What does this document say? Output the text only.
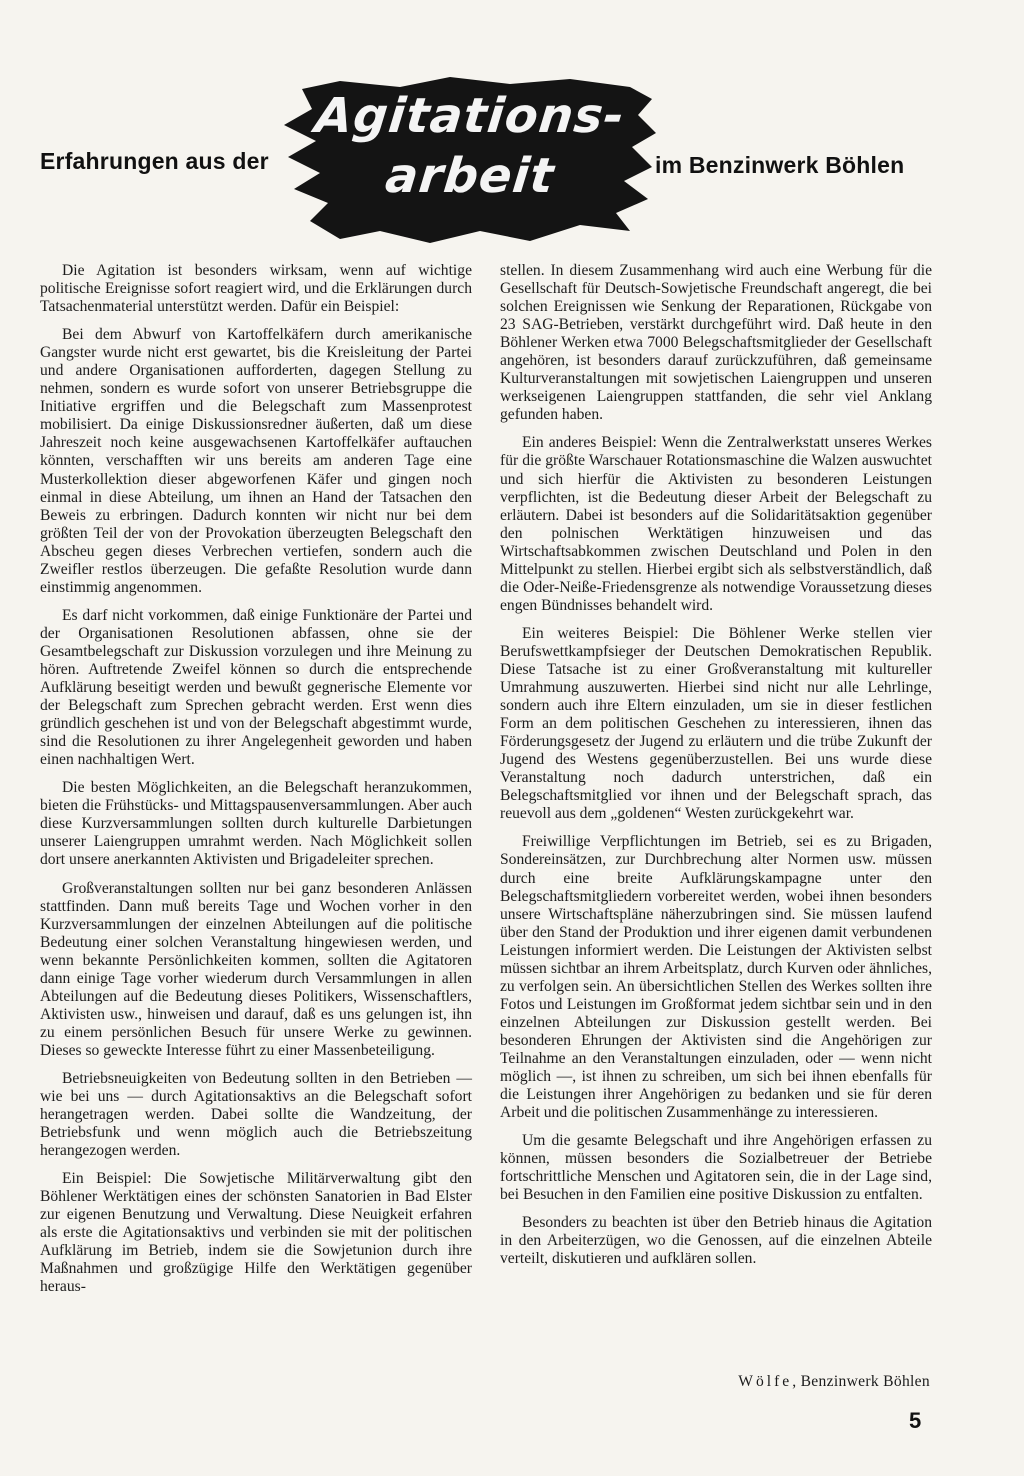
Erfahrungen aus der
Agitations-
arbeit	im Benzinwerk Böhlen

Die Agitation ist besonders wirksam, wenn auf wichtige politische Ereignisse sofort reagiert wird, und die Erklärungen durch Tatsachenmaterial unterstützt werden. Dafür ein Beispiel:

Bei dem Abwurf von Kartoffelkäfern durch amerikanische Gangster wurde nicht erst gewartet, bis die Kreisleitung der Partei und andere Organisationen aufforderten, dagegen Stellung zu nehmen, sondern es wurde sofort von unserer Betriebsgruppe die Initiative ergriffen und die Belegschaft zum Massenprotest mobilisiert. Da einige Diskussionsredner äußerten, daß um diese Jahreszeit noch keine ausgewachsenen Kartoffelkäfer auftauchen könnten, verschafften wir uns bereits am anderen Tage eine Musterkollektion dieser abgeworfenen Käfer und gingen noch einmal in diese Abteilung, um ihnen an Hand der Tatsachen den Beweis zu erbringen. Dadurch konnten wir nicht nur bei dem größten Teil der von der Provokation überzeugten Belegschaft den Abscheu gegen dieses Verbrechen vertiefen, sondern auch die Zweifler restlos überzeugen. Die gefaßte Resolution wurde dann einstimmig angenommen.

Es darf nicht vorkommen, daß einige Funktionäre der Partei und der Organisationen Resolutionen abfassen, ohne sie der Gesamtbelegschaft zur Diskussion vorzulegen und ihre Meinung zu hören. Auftretende Zweifel können so durch die entsprechende Aufklärung beseitigt werden und bewußt gegnerische Elemente vor der Belegschaft zum Sprechen gebracht werden. Erst wenn dies gründlich geschehen ist und von der Belegschaft abgestimmt wurde, sind die Resolutionen zu ihrer Angelegenheit geworden und haben einen nachhaltigen Wert.

Die besten Möglichkeiten, an die Belegschaft heranzukommen, bieten die Frühstücks- und Mittagspausenversammlungen. Aber auch diese Kurzversammlungen sollten durch kulturelle Darbietungen unserer Laiengruppen umrahmt werden. Nach Möglichkeit sollen dort unsere anerkannten Aktivisten und Brigadeleiter sprechen.

Großveranstaltungen sollten nur bei ganz besonderen Anlässen stattfinden. Dann muß bereits Tage und Wochen vorher in den Kurzversammlungen der einzelnen Abteilungen auf die politische Bedeutung einer solchen Veranstaltung hingewiesen werden, und wenn bekannte Persönlichkeiten kommen, sollten die Agitatoren dann einige Tage vorher wiederum durch Versammlungen in allen Abteilungen auf die Bedeutung dieses Politikers, Wissenschaftlers, Aktivisten usw., hinweisen und darauf, daß es uns gelungen ist, ihn zu einem persönlichen Besuch für unsere Werke zu gewinnen. Dieses so geweckte Interesse führt zu einer Massenbeteiligung.

Betriebsneuigkeiten von Bedeutung sollten in den Betrieben — wie bei uns — durch Agitationsaktivs an die Belegschaft sofort herangetragen werden. Dabei sollte die Wandzeitung, der Betriebsfunk und wenn möglich auch die Betriebszeitung herangezogen werden.

Ein Beispiel: Die Sowjetische Militärverwaltung gibt den Böhlener Werktätigen eines der schönsten Sanatorien in Bad Elster zur eigenen Benutzung und Verwaltung. Diese Neuigkeit erfahren als erste die Agitationsaktivs und verbinden sie mit der politischen Aufklärung im Betrieb, indem sie die Sowjetunion durch ihre Maßnahmen und großzügige Hilfe den Werktätigen gegenüber heraus-

stellen. In diesem Zusammenhang wird auch eine Werbung für die Gesellschaft für Deutsch-Sowjetische Freundschaft angeregt, die bei solchen Ereignissen wie Senkung der Reparationen, Rückgabe von 23 SAG-Betrieben, verstärkt durchgeführt wird. Daß heute in den Böhlener Werken etwa 7000 Belegschaftsmitglieder der Gesellschaft angehören, ist besonders darauf zurückzuführen, daß gemeinsame Kulturveranstaltungen mit sowjetischen Laiengruppen und unseren werkseigenen Laiengruppen stattfanden, die sehr viel Anklang gefunden haben.

Ein anderes Beispiel: Wenn die Zentralwerkstatt unseres Werkes für die größte Warschauer Rotationsmaschine die Walzen auswuchtet und sich hierfür die Aktivisten zu besonderen Leistungen verpflichten, ist die Bedeutung dieser Arbeit der Belegschaft zu erläutern. Dabei ist besonders auf die Solidaritätsaktion gegenüber den polnischen Werktätigen hinzuweisen und das Wirtschaftsabkommen zwischen Deutschland und Polen in den Mittelpunkt zu stellen. Hierbei ergibt sich als selbstverständlich, daß die Oder-Neiße-Friedensgrenze als notwendige Voraussetzung dieses engen Bündnisses behandelt wird.

Ein weiteres Beispiel: Die Böhlener Werke stellen vier Berufswettkampfsieger der Deutschen Demokratischen Republik. Diese Tatsache ist zu einer Großveranstaltung mit kultureller Umrahmung auszuwerten. Hierbei sind nicht nur alle Lehrlinge, sondern auch ihre Eltern einzuladen, um sie in dieser festlichen Form an dem politischen Geschehen zu interessieren, ihnen das Förderungsgesetz der Jugend zu erläutern und die trübe Zukunft der Jugend des Westens gegenüberzustellen. Bei uns wurde diese Veranstaltung noch dadurch unterstrichen, daß ein Belegschaftsmitglied vor ihnen und der Belegschaft sprach, das reuevoll aus dem „goldenen“ Westen zurückgekehrt war.

Freiwillige Verpflichtungen im Betrieb, sei es zu Brigaden, Sondereinsätzen, zur Durchbrechung alter Normen usw. müssen durch eine breite Aufklärungskampagne unter den Belegschaftsmitgliedern vorbereitet werden, wobei ihnen besonders unsere Wirtschaftspläne näherzubringen sind. Sie müssen laufend über den Stand der Produktion und ihrer eigenen damit verbundenen Leistungen informiert werden. Die Leistungen der Aktivisten selbst müssen sichtbar an ihrem Arbeitsplatz, durch Kurven oder ähnliches, zu verfolgen sein. An übersichtlichen Stellen des Werkes sollten ihre Fotos und Leistungen im Großformat jedem sichtbar sein und in den einzelnen Abteilungen zur Diskussion gestellt werden. Bei besonderen Ehrungen der Aktivisten sind die Angehörigen zur Teilnahme an den Veranstaltungen einzuladen, oder — wenn nicht möglich —, ist ihnen zu schreiben, um sich bei ihnen ebenfalls für die Leistungen ihrer Angehörigen zu bedanken und sie für deren Arbeit und die politischen Zusammenhänge zu interessieren.

Um die gesamte Belegschaft und ihre Angehörigen erfassen zu können, müssen besonders die Sozialbetreuer der Betriebe fortschrittliche Menschen und Agitatoren sein, die in der Lage sind, bei Besuchen in den Familien eine positive Diskussion zu entfalten.

Besonders zu beachten ist über den Betrieb hinaus die Agitation in den Arbeiterzügen, wo die Genossen, auf die einzelnen Abteile verteilt, diskutieren und aufklären sollen.

Wölfe, Benzinwerk Böhlen
5
